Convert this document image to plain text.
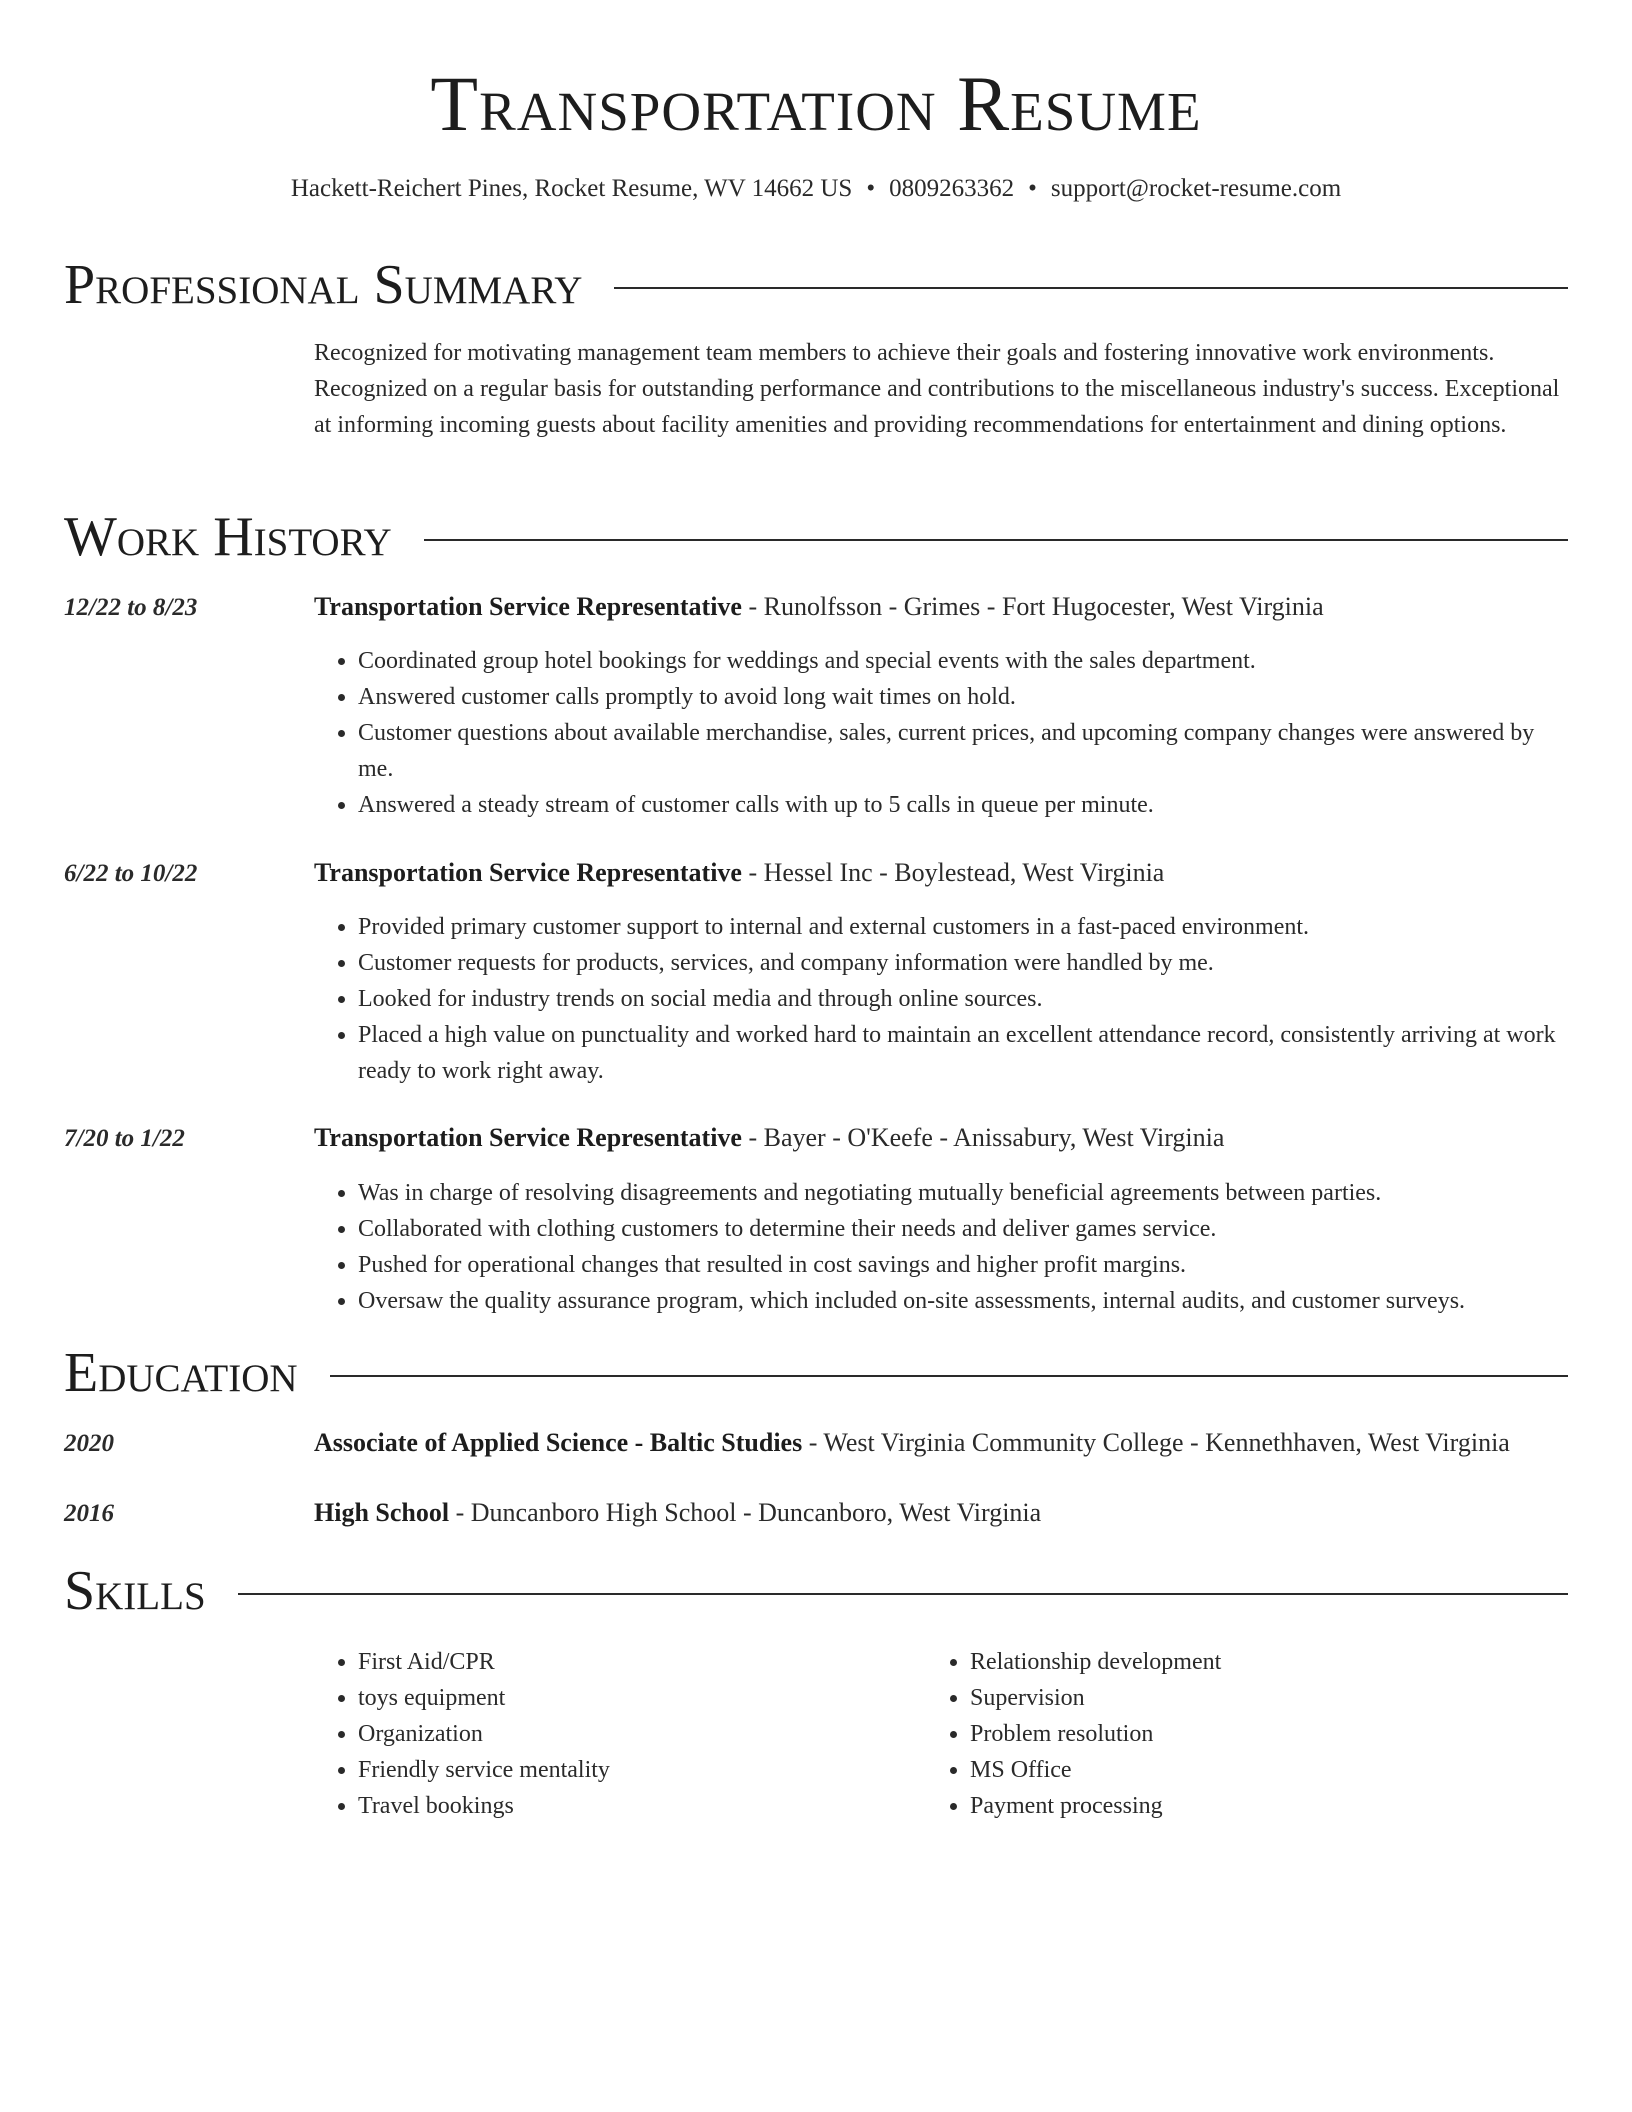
Transportation Resume
Hackett-Reichert Pines, Rocket Resume, WV 14662 US • 0809263362 • support@rocket-resume.com
Professional Summary
Recognized for motivating management team members to achieve their goals and fostering innovative work environments. Recognized on a regular basis for outstanding performance and contributions to the miscellaneous industry's success. Exceptional at informing incoming guests about facility amenities and providing recommendations for entertainment and dining options.
Work History
12/22 to 8/23	Transportation Service Representative - Runolfsson - Grimes - Fort Hugocester, West Virginia
• Coordinated group hotel bookings for weddings and special events with the sales department.
• Answered customer calls promptly to avoid long wait times on hold.
• Customer questions about available merchandise, sales, current prices, and upcoming company changes were answered by me.
• Answered a steady stream of customer calls with up to 5 calls in queue per minute.
6/22 to 10/22	Transportation Service Representative - Hessel Inc - Boylestead, West Virginia
• Provided primary customer support to internal and external customers in a fast-paced environment.
• Customer requests for products, services, and company information were handled by me.
• Looked for industry trends on social media and through online sources.
• Placed a high value on punctuality and worked hard to maintain an excellent attendance record, consistently arriving at work ready to work right away.
7/20 to 1/22	Transportation Service Representative - Bayer - O'Keefe - Anissabury, West Virginia
• Was in charge of resolving disagreements and negotiating mutually beneficial agreements between parties.
• Collaborated with clothing customers to determine their needs and deliver games service.
• Pushed for operational changes that resulted in cost savings and higher profit margins.
• Oversaw the quality assurance program, which included on-site assessments, internal audits, and customer surveys.
Education
2020	Associate of Applied Science - Baltic Studies - West Virginia Community College - Kennethhaven, West Virginia
2016	High School - Duncanboro High School - Duncanboro, West Virginia
Skills
• First Aid/CPR
• toys equipment
• Organization
• Friendly service mentality
• Travel bookings
• Relationship development
• Supervision
• Problem resolution
• MS Office
• Payment processing
